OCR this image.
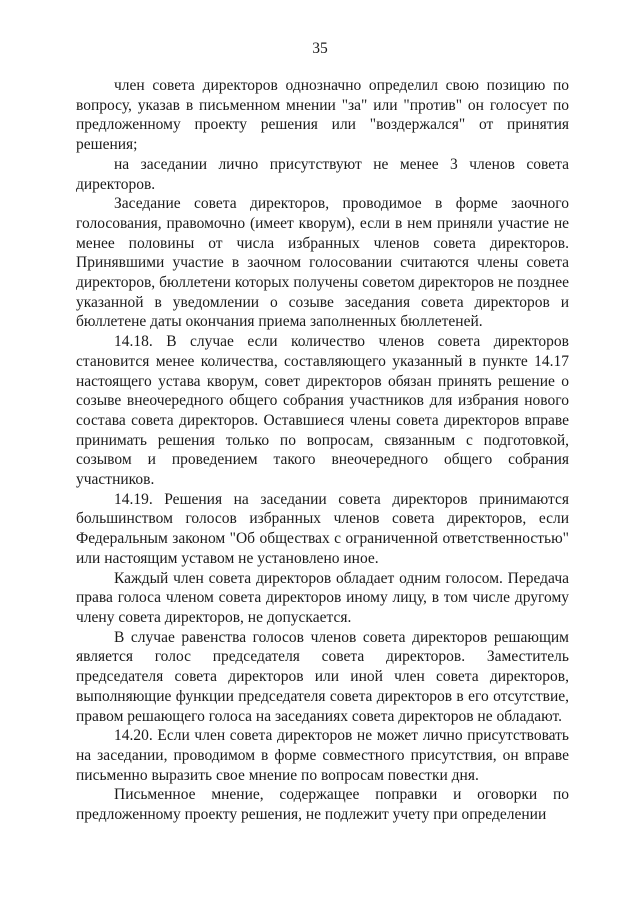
35

член совета директоров однозначно определил свою позицию по вопросу, указав в письменном мнении "за" или "против" он голосует по предложенному проекту решения или "воздержался" от принятия решения;

на заседании лично присутствуют не менее 3 членов совета директоров.

Заседание совета директоров, проводимое в форме заочного голосования, правомочно (имеет кворум), если в нем приняли участие не менее половины от числа избранных членов совета директоров. Принявшими участие в заочном голосовании считаются члены совета директоров, бюллетени которых получены советом директоров не позднее указанной в уведомлении о созыве заседания совета директоров и бюллетене даты окончания приема заполненных бюллетеней.

14.18. В случае если количество членов совета директоров становится менее количества, составляющего указанный в пункте 14.17 настоящего устава кворум, совет директоров обязан принять решение о созыве внеочередного общего собрания участников для избрания нового состава совета директоров. Оставшиеся члены совета директоров вправе принимать решения только по вопросам, связанным с подготовкой, созывом и проведением такого внеочередного общего собрания участников.

14.19. Решения на заседании совета директоров принимаются большинством голосов избранных членов совета директоров, если Федеральным законом "Об обществах с ограниченной ответственностью" или настоящим уставом не установлено иное.

Каждый член совета директоров обладает одним голосом. Передача права голоса членом совета директоров иному лицу, в том числе другому члену совета директоров, не допускается.

В случае равенства голосов членов совета директоров решающим является голос председателя совета директоров. Заместитель председателя совета директоров или иной член совета директоров, выполняющие функции председателя совета директоров в его отсутствие, правом решающего голоса на заседаниях совета директоров не обладают.

14.20. Если член совета директоров не может лично присутствовать на заседании, проводимом в форме совместного присутствия, он вправе письменно выразить свое мнение по вопросам повестки дня.

Письменное мнение, содержащее поправки и оговорки по предложенному проекту решения, не подлежит учету при определении
